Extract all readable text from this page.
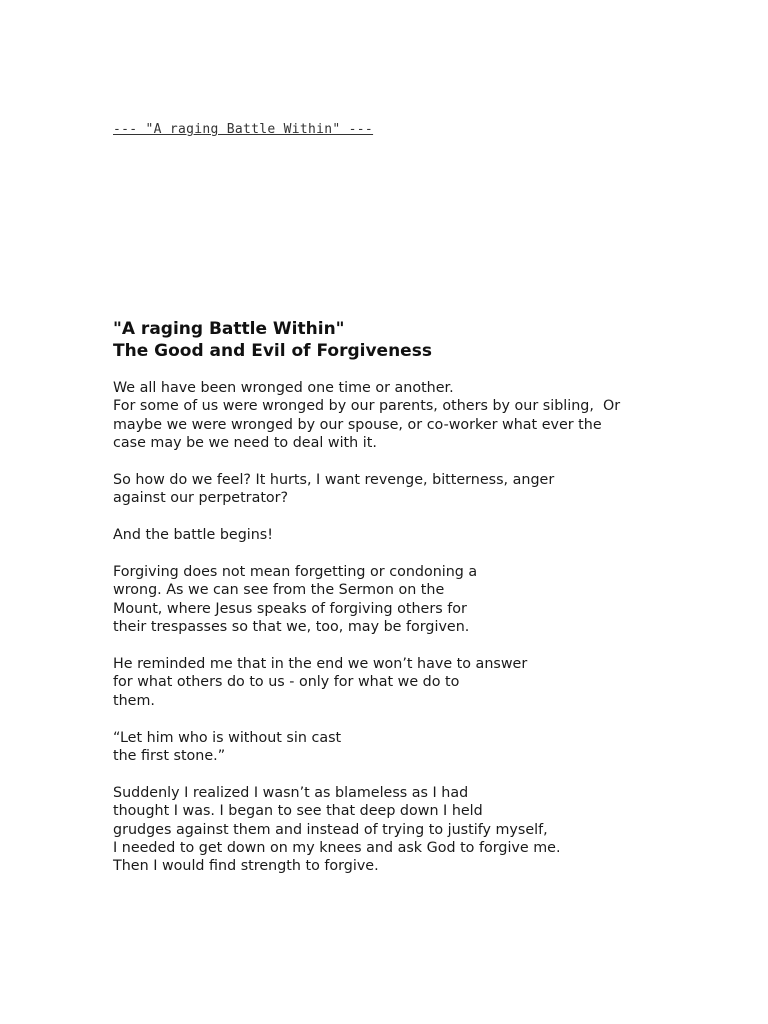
--- "A raging Battle Within" ---
"A raging Battle Within"
The Good and Evil of Forgiveness

We all have been wronged one time or another.
For some of us were wronged by our parents, others by our sibling,  Or
maybe we were wronged by our spouse, or co-worker what ever the
case may be we need to deal with it.

So how do we feel? It hurts, I want revenge, bitterness, anger
against our perpetrator?

And the battle begins!

Forgiving does not mean forgetting or condoning a
wrong. As we can see from the Sermon on the
Mount, where Jesus speaks of forgiving others for
their trespasses so that we, too, may be forgiven.

He reminded me that in the end we won’t have to answer
for what others do to us - only for what we do to
them.

“Let him who is without sin cast
the first stone.”

Suddenly I realized I wasn’t as blameless as I had
thought I was. I began to see that deep down I held
grudges against them and instead of trying to justify myself,
I needed to get down on my knees and ask God to forgive me.
Then I would find strength to forgive.
